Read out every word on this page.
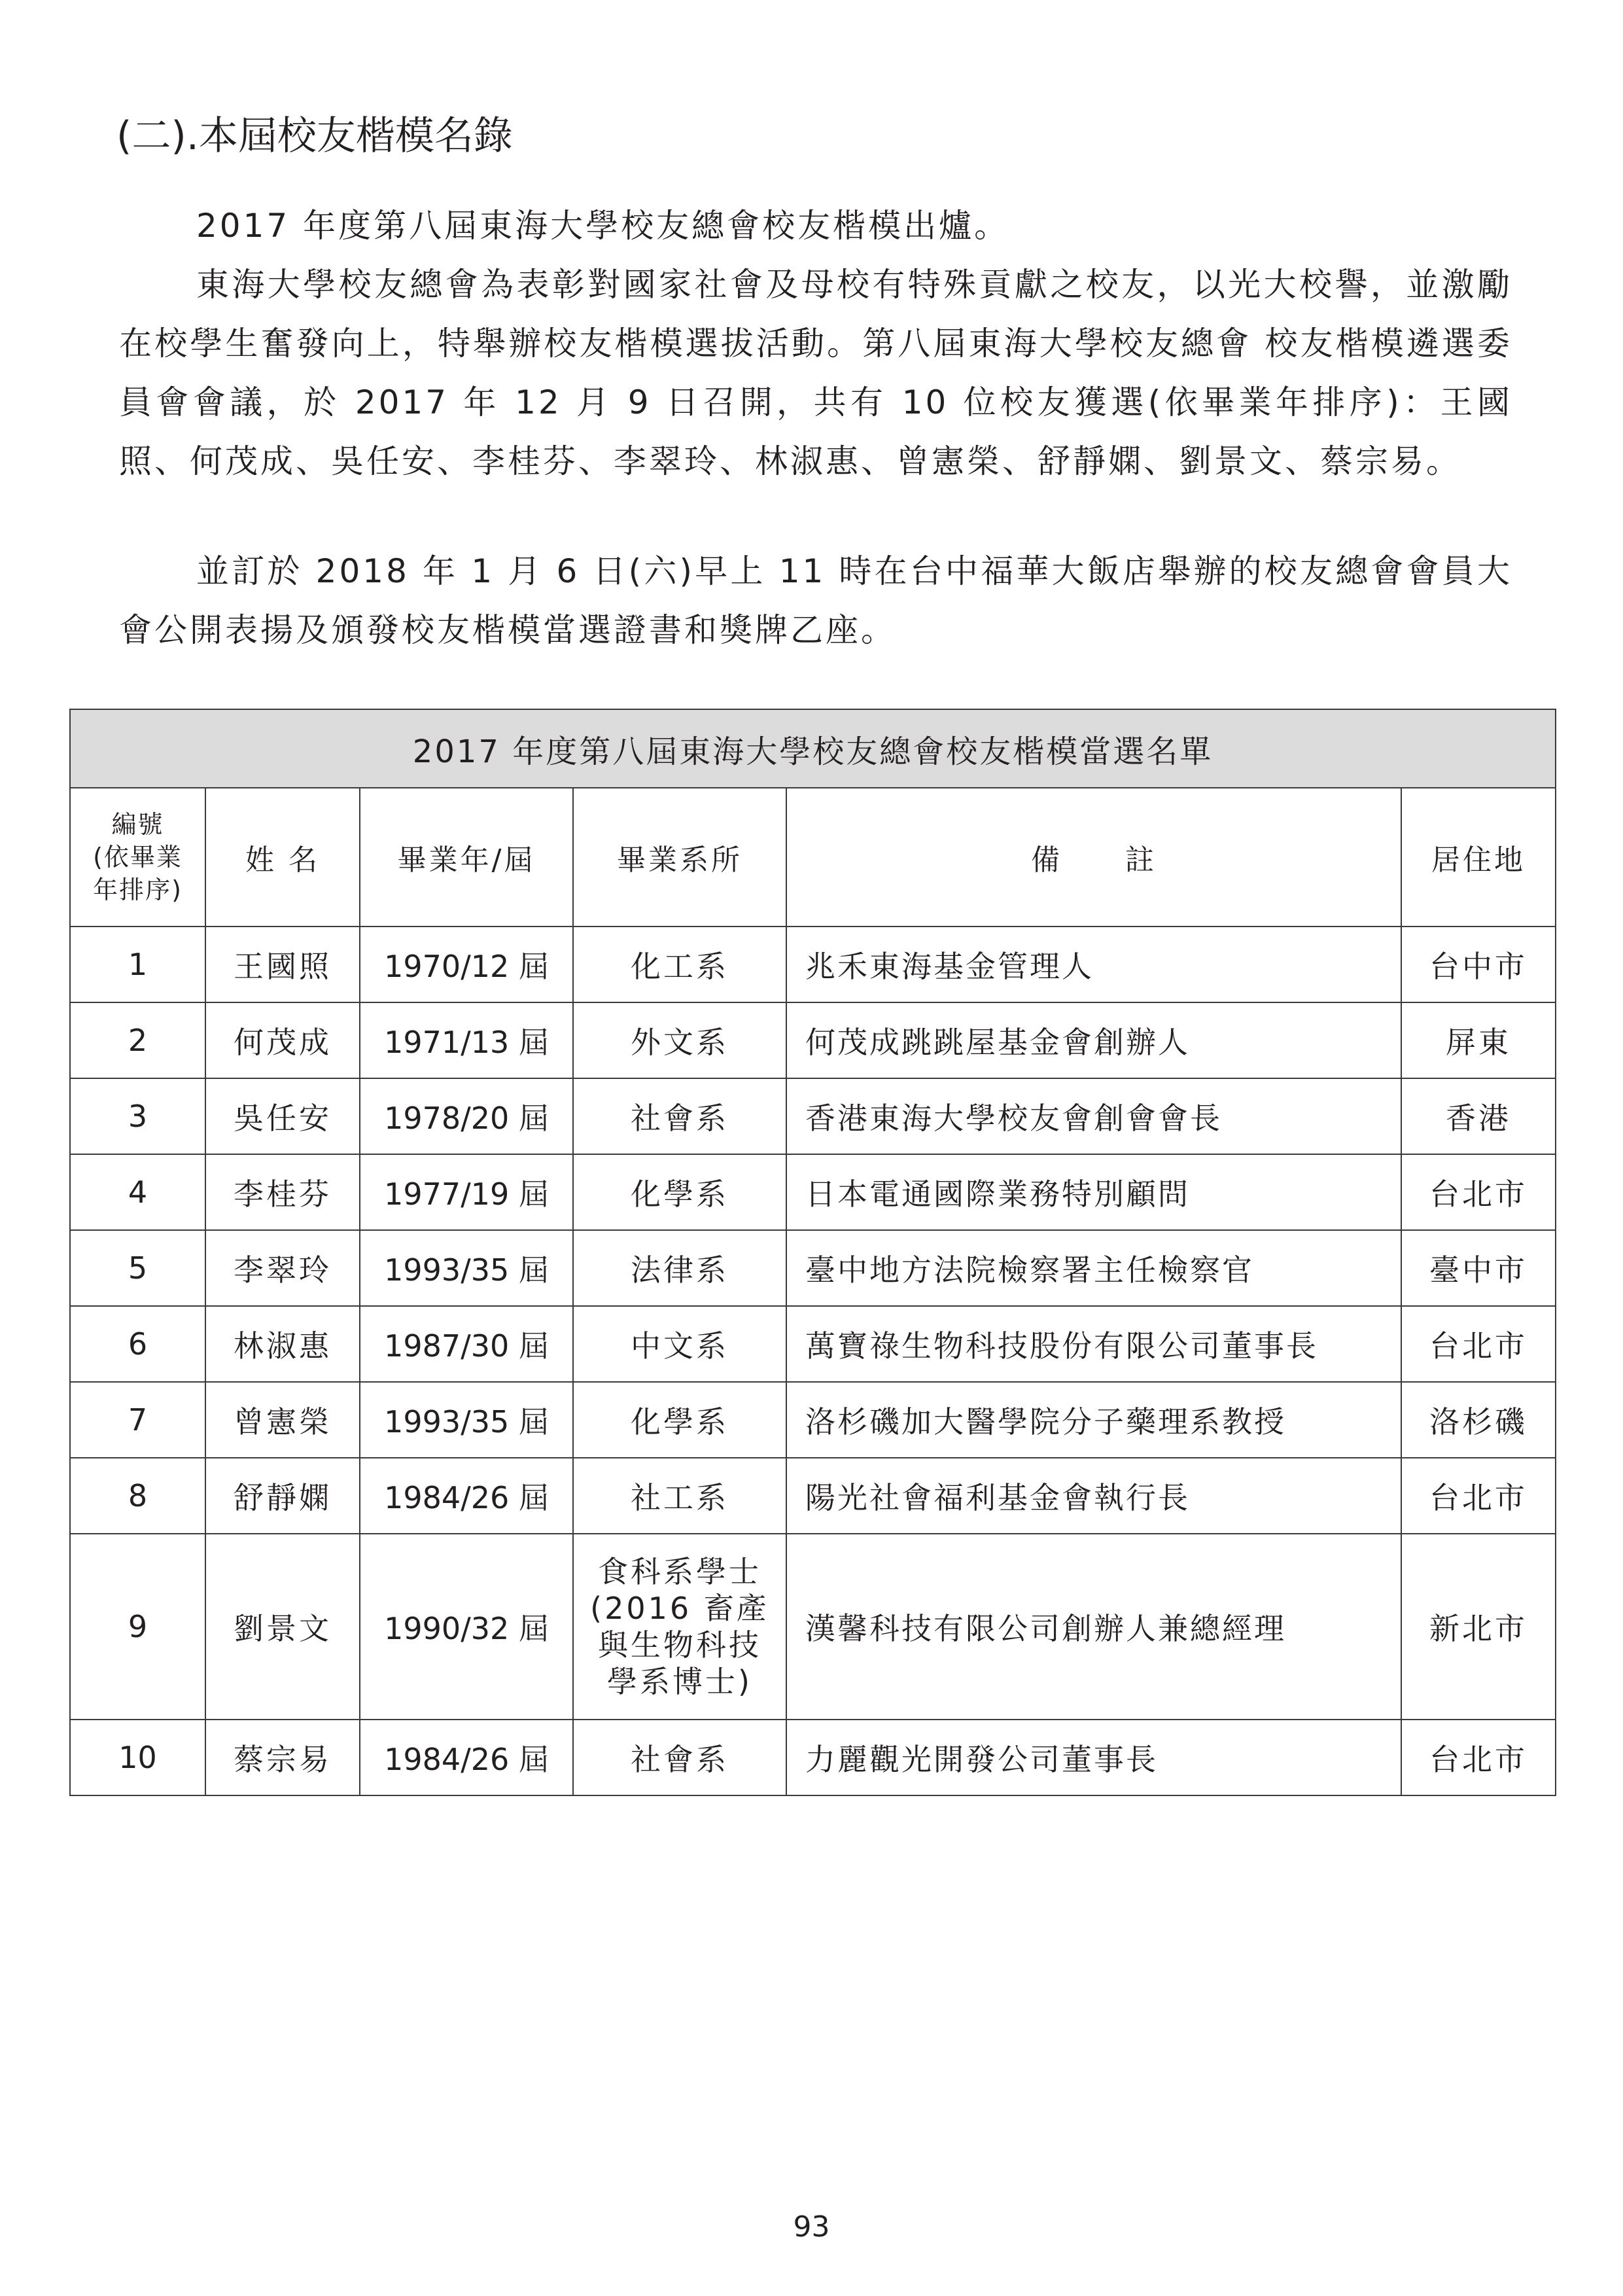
(二).本屆校友楷模名錄

2017 年度第八屆東海大學校友總會校友楷模出爐。

東海大學校友總會為表彰對國家社會及母校有特殊貢獻之校友，以光大校譽，並激勵在校學生奮發向上，特舉辦校友楷模選拔活動。第八屆東海大學校友總會 校友楷模遴選委員會會議，於 2017 年 12 月 9 日召開，共有 10 位校友獲選(依畢業年排序)：王國照、何茂成、吳任安、李桂芬、李翠玲、林淑惠、曾憲榮、舒靜嫻、劉景文、蔡宗易。

並訂於 2018 年 1 月 6 日(六)早上 11 時在台中福華大飯店舉辦的校友總會會員大會公開表揚及頒發校友楷模當選證書和獎牌乙座。

2017 年度第八屆東海大學校友總會校友楷模當選名單					

編號
(依畢業
年排序)	姓 名	畢業年/屆	畢業系所	備　　註	居住地
1	王國照	1970/12 屆	化工系	兆禾東海基金管理人	台中市
2	何茂成	1971/13 屆	外文系	何茂成跳跳屋基金會創辦人	屏東
3	吳任安	1978/20 屆	社會系	香港東海大學校友會創會會長	香港
4	李桂芬	1977/19 屆	化學系	日本電通國際業務特別顧問	台北市
5	李翠玲	1993/35 屆	法律系	臺中地方法院檢察署主任檢察官	臺中市
6	林淑惠	1987/30 屆	中文系	萬寶祿生物科技股份有限公司董事長	台北市
7	曾憲榮	1993/35 屆	化學系	洛杉磯加大醫學院分子藥理系教授	洛杉磯
8	舒靜嫻	1984/26 屆	社工系	陽光社會福利基金會執行長	台北市
9	劉景文	1990/32 屆	食科系學士
(2016 畜產
與生物科技
學系博士)	漢馨科技有限公司創辦人兼總經理	新北市
10	蔡宗易	1984/26 屆	社會系	力麗觀光開發公司董事長	台北市
93
